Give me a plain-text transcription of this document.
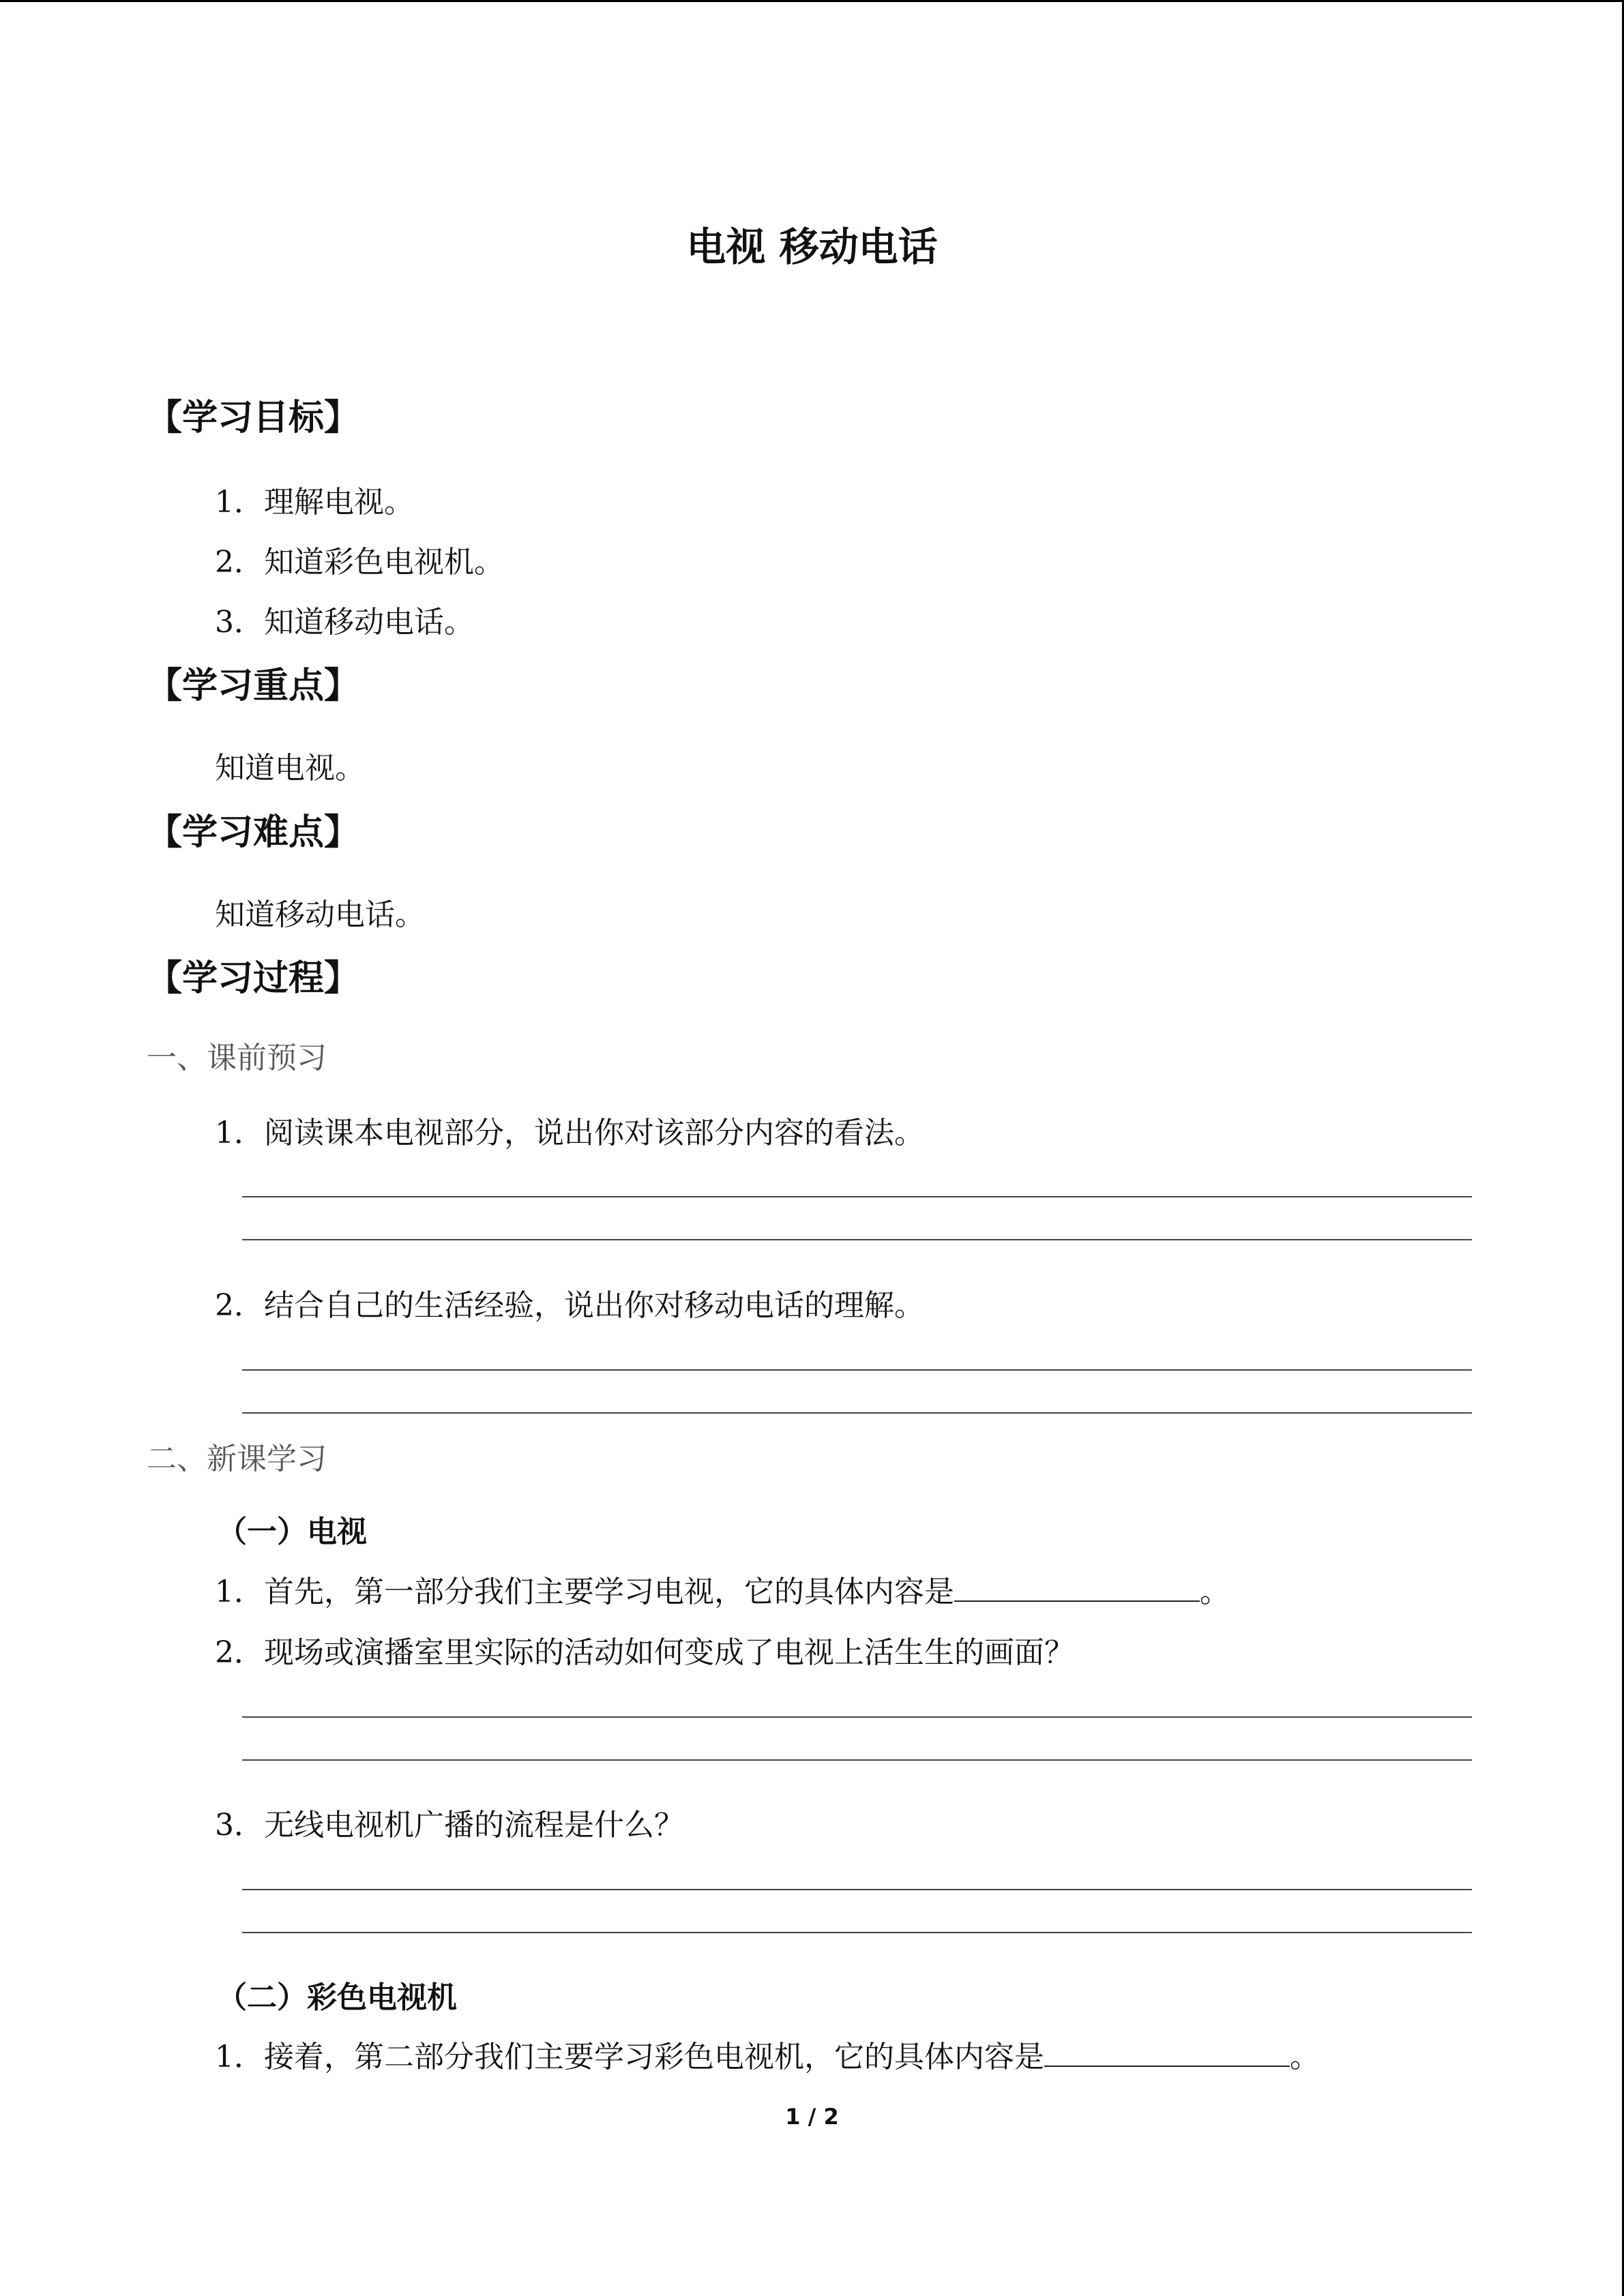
电视 移动电话
【学习目标】
1．理解电视。
2．知道彩色电视机。
3．知道移动电话。
【学习重点】
知道电视。
【学习难点】
知道移动电话。
【学习过程】
一、课前预习
1．阅读课本电视部分，说出你对该部分内容的看法。
2．结合自己的生活经验，说出你对移动电话的理解。
二、新课学习
（一）电视
1．首先，第一部分我们主要学习电视，它的具体内容是	。
2．现场或演播室里实际的活动如何变成了电视上活生生的画面？
3．无线电视机广播的流程是什么？
（二）彩色电视机
1．接着，第二部分我们主要学习彩色电视机，它的具体内容是	。
1 / 2
